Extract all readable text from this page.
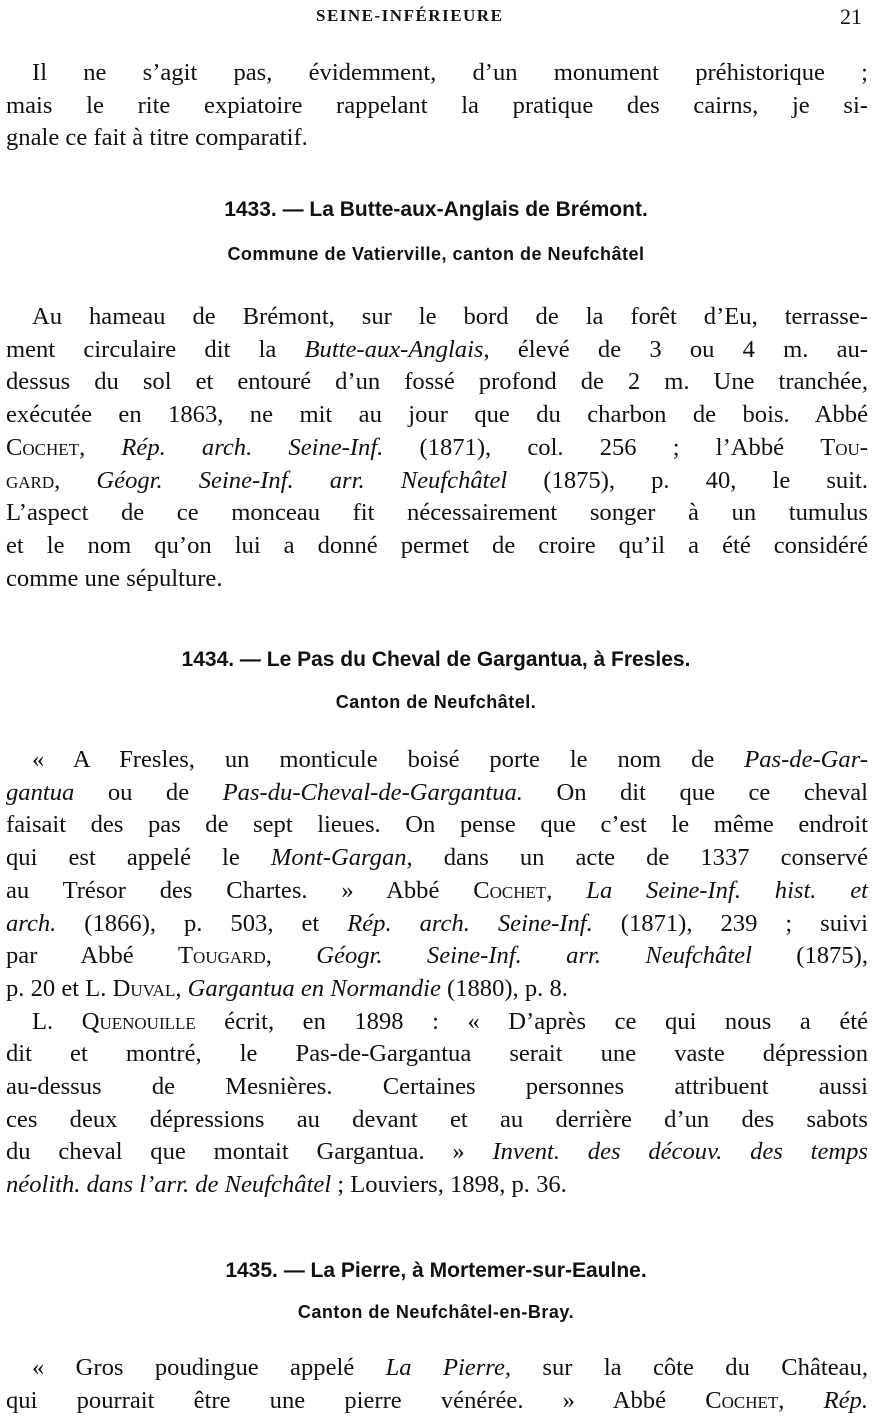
SEINE-INFÉRIEURE	21
Il ne s’agit pas, évidemment, d’un monument préhistorique ;
mais le rite expiatoire rappelant la pratique des cairns, je si-
gnale ce fait à titre comparatif.
1433. — La Butte-aux-Anglais de Brémont.
Commune de Vatierville, canton de Neufchâtel
Au hameau de Brémont, sur le bord de la forêt d’Eu, terrasse-
ment circulaire dit la Butte-aux-Anglais, élevé de 3 ou 4 m. au-
dessus du sol et entouré d’un fossé profond de 2 m. Une tranchée,
exécutée en 1863, ne mit au jour que du charbon de bois. Abbé
Cochet, Rép. arch. Seine-Inf. (1871), col. 256 ; l’Abbé Tou-
gard, Géogr. Seine-Inf. arr. Neufchâtel (1875), p. 40, le suit.
L’aspect de ce monceau fit nécessairement songer à un tumulus
et le nom qu’on lui a donné permet de croire qu’il a été considéré
comme une sépulture.
1434. — Le Pas du Cheval de Gargantua, à Fresles.
Canton de Neufchâtel.
« A Fresles, un monticule boisé porte le nom de Pas-de-Gar-
gantua ou de Pas-du-Cheval-de-Gargantua. On dit que ce cheval
faisait des pas de sept lieues. On pense que c’est le même endroit
qui est appelé le Mont-Gargan, dans un acte de 1337 conservé
au Trésor des Chartes. » Abbé Cochet, La Seine-Inf. hist. et
arch. (1866), p. 503, et Rép. arch. Seine-Inf. (1871), 239 ; suivi
par Abbé Tougard, Géogr. Seine-Inf. arr. Neufchâtel (1875),
p. 20 et L. Duval, Gargantua en Normandie (1880), p. 8.
L. Quenouille écrit, en 1898 : « D’après ce qui nous a été
dit et montré, le Pas-de-Gargantua serait une vaste dépression
au-dessus de Mesnières. Certaines personnes attribuent aussi
ces deux dépressions au devant et au derrière d’un des sabots
du cheval que montait Gargantua. » Invent. des découv. des temps
néolith. dans l’arr. de Neufchâtel ; Louviers, 1898, p. 36.
1435. — La Pierre, à Mortemer-sur-Eaulne.
Canton de Neufchâtel-en-Bray.
« Gros poudingue appelé La Pierre, sur la côte du Château,
qui pourrait être une pierre vénérée. » Abbé Cochet, Rép.
